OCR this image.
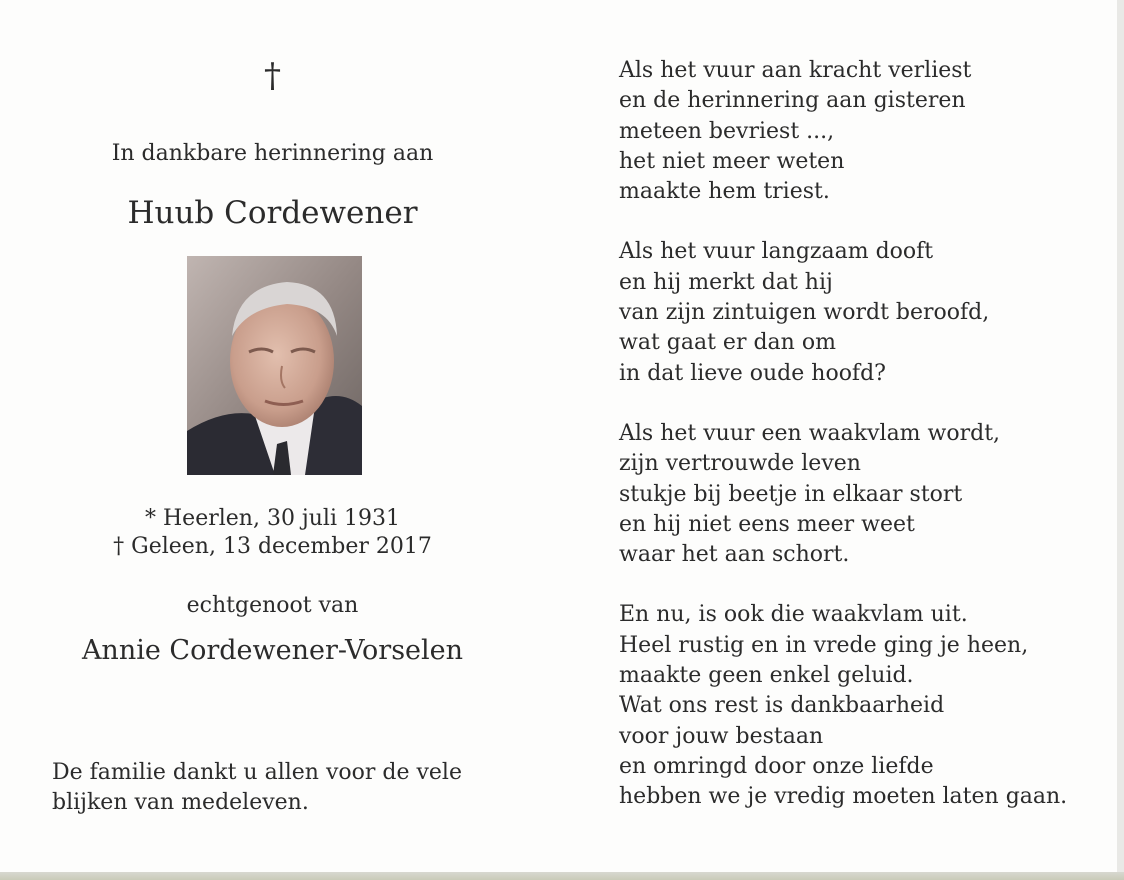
†
In dankbare herinnering aan
Huub Cordewener
* Heerlen, 30 juli 1931
† Geleen, 13 december 2017
echtgenoot van
Annie Cordewener-Vorselen
De familie dankt u allen voor de vele
blijken van medeleven.
Als het vuur aan kracht verliest
en de herinnering aan gisteren
meteen bevriest ...,
het niet meer weten
maakte hem triest.
Als het vuur langzaam dooft
en hij merkt dat hij
van zijn zintuigen wordt beroofd,
wat gaat er dan om
in dat lieve oude hoofd?
Als het vuur een waakvlam wordt,
zijn vertrouwde leven
stukje bij beetje in elkaar stort
en hij niet eens meer weet
waar het aan schort.
En nu, is ook die waakvlam uit.
Heel rustig en in vrede ging je heen,
maakte geen enkel geluid.
Wat ons rest is dankbaarheid
voor jouw bestaan
en omringd door onze liefde
hebben we je vredig moeten laten gaan.
